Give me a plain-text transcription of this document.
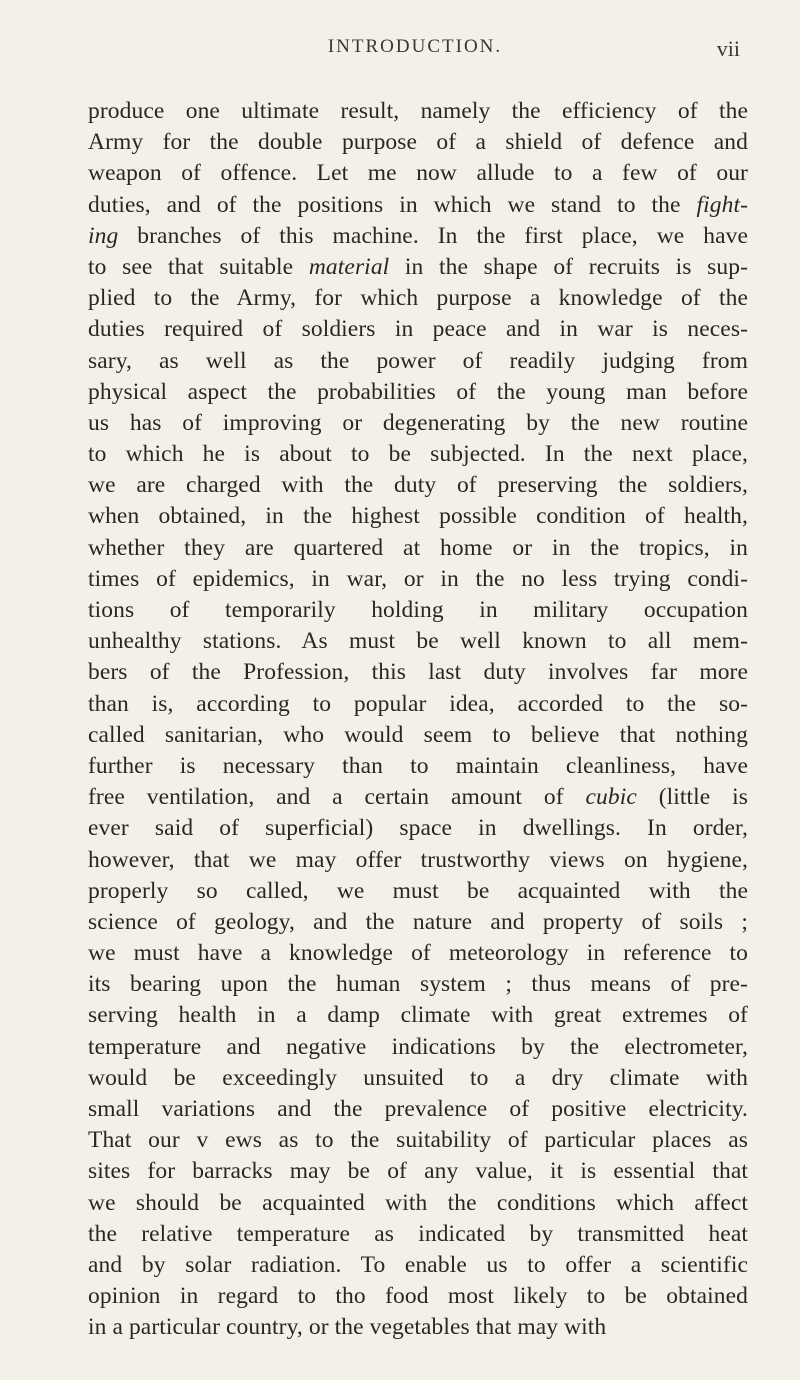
INTRODUCTION.	vii
produce one ultimate result, namely the efficiency of the
Army for the double purpose of a shield of defence and
weapon of offence. Let me now allude to a few of our
duties, and of the positions in which we stand to the fight-
ing branches of this machine. In the first place, we have
to see that suitable material in the shape of recruits is sup-
plied to the Army, for which purpose a knowledge of the
duties required of soldiers in peace and in war is neces-
sary, as well as the power of readily judging from
physical aspect the probabilities of the young man before
us has of improving or degenerating by the new routine
to which he is about to be subjected. In the next place,
we are charged with the duty of preserving the soldiers,
when obtained, in the highest possible condition of health,
whether they are quartered at home or in the tropics, in
times of epidemics, in war, or in the no less trying condi-
tions of temporarily holding in military occupation
unhealthy stations. As must be well known to all mem-
bers of the Profession, this last duty involves far more
than is, according to popular idea, accorded to the so-
called sanitarian, who would seem to believe that nothing
further is necessary than to maintain cleanliness, have
free ventilation, and a certain amount of cubic (little is
ever said of superficial) space in dwellings. In order,
however, that we may offer trustworthy views on hygiene,
properly so called, we must be acquainted with the
science of geology, and the nature and property of soils ;
we must have a knowledge of meteorology in reference to
its bearing upon the human system ; thus means of pre-
serving health in a damp climate with great extremes of
temperature and negative indications by the electrometer,
would be exceedingly unsuited to a dry climate with
small variations and the prevalence of positive electricity.
That our v ews as to the suitability of particular places as
sites for barracks may be of any value, it is essential that
we should be acquainted with the conditions which affect
the relative temperature as indicated by transmitted heat
and by solar radiation. To enable us to offer a scientific
opinion in regard to tho food most likely to be obtained
in a particular country, or the vegetables that may with
